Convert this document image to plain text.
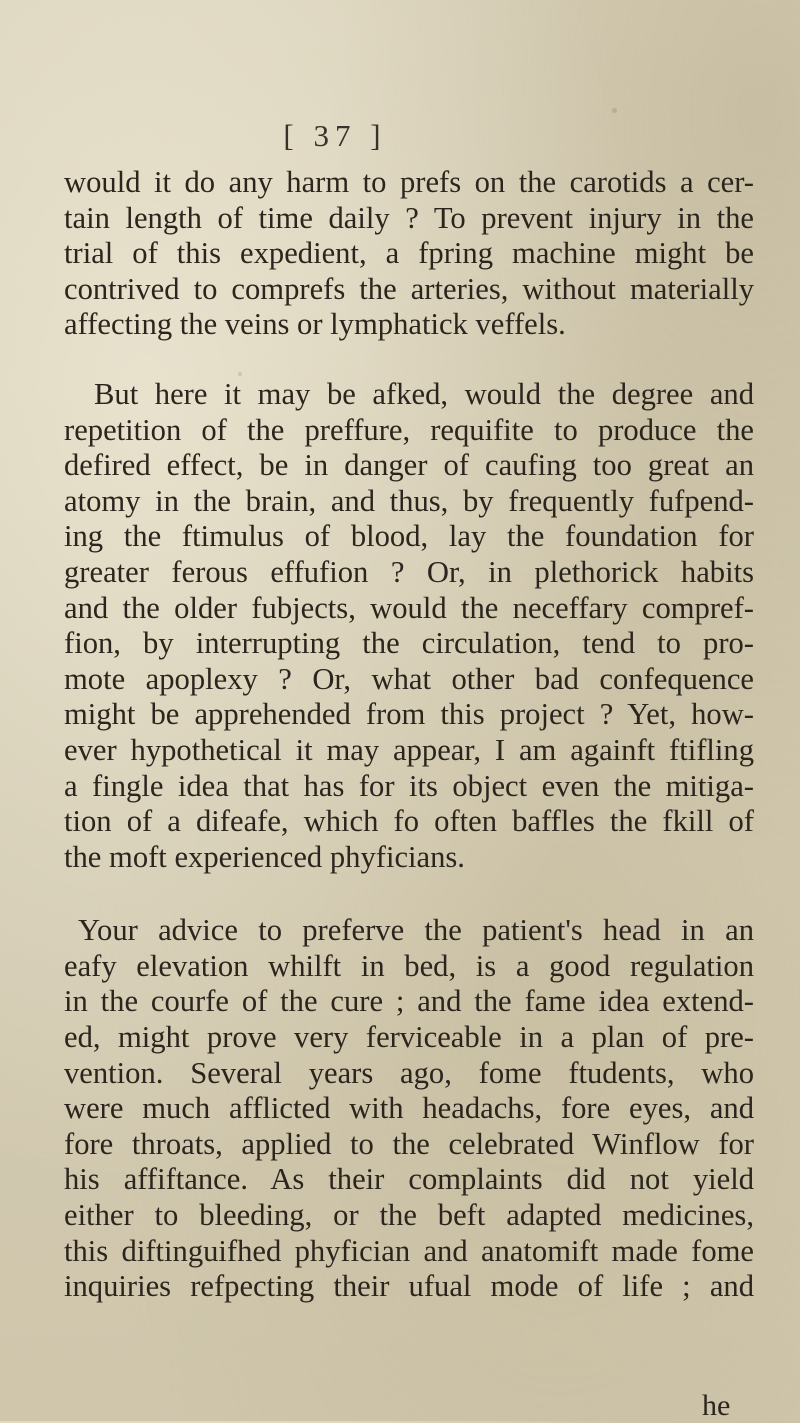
[ 37 ]

would it do any harm to prefs on the carotids a cer-
tain length of time daily ? To prevent injury in the
trial of this expedient, a fpring machine might be
contrived to comprefs the arteries, without materially
affecting the veins or lymphatick veffels.

But here it may be afked, would the degree and
repetition of the preffure, requifite to produce the
defired effect, be in danger of caufing too great an
atomy in the brain, and thus, by frequently fufpend-
ing the ftimulus of blood, lay the foundation for
greater ferous effufion ? Or, in plethorick habits
and the older fubjects, would the neceffary compref-
fion, by interrupting the circulation, tend to pro-
mote apoplexy ? Or, what other bad confequence
might be apprehended from this project ? Yet, how-
ever hypothetical it may appear, I am againft ftifling
a fingle idea that has for its object even the mitiga-
tion of a difeafe, which fo often baffles the fkill of
the moft experienced phyficians.

Your advice to preferve the patient's head in an
eafy elevation whilft in bed, is a good regulation
in the courfe of the cure ; and the fame idea extend-
ed, might prove very ferviceable in a plan of pre-
vention. Several years ago, fome ftudents, who
were much afflicted with headachs, fore eyes, and
fore throats, applied to the celebrated Winflow for
his affiftance. As their complaints did not yield
either to bleeding, or the beft adapted medicines,
this diftinguifhed phyfician and anatomift made fome
inquiries refpecting their ufual mode of life ; and

he
